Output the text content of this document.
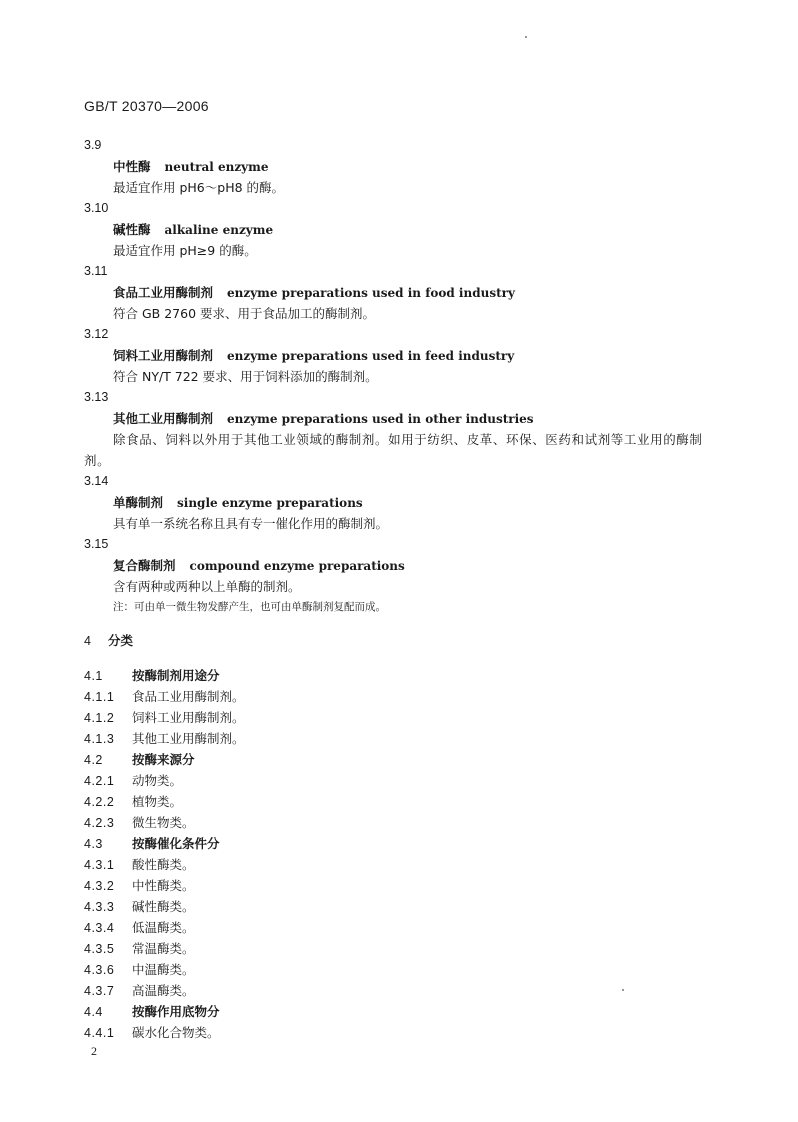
GB/T 20370—2006
3.9
中性酶 neutral enzyme
最适宜作用 pH6～pH8 的酶。
3.10
碱性酶 alkaline enzyme
最适宜作用 pH≥9 的酶。
3.11
食品工业用酶制剂 enzyme preparations used in food industry
符合 GB 2760 要求、用于食品加工的酶制剂。
3.12
饲料工业用酶制剂 enzyme preparations used in feed industry
符合 NY/T 722 要求、用于饲料添加的酶制剂。
3.13
其他工业用酶制剂 enzyme preparations used in other industries
除食品、饲料以外用于其他工业领域的酶制剂。如用于纺织、皮革、环保、医药和试剂等工业用的酶制剂。
3.14
单酶制剂 single enzyme preparations
具有单一系统名称且具有专一催化作用的酶制剂。
3.15
复合酶制剂 compound enzyme preparations
含有两种或两种以上单酶的制剂。
注：可由单一微生物发酵产生，也可由单酶制剂复配而成。
4 分类
4.1 按酶制剂用途分
4.1.1 食品工业用酶制剂。
4.1.2 饲料工业用酶制剂。
4.1.3 其他工业用酶制剂。
4.2 按酶来源分
4.2.1 动物类。
4.2.2 植物类。
4.2.3 微生物类。
4.3 按酶催化条件分
4.3.1 酸性酶类。
4.3.2 中性酶类。
4.3.3 碱性酶类。
4.3.4 低温酶类。
4.3.5 常温酶类。
4.3.6 中温酶类。
4.3.7 高温酶类。
4.4 按酶作用底物分
4.4.1 碳水化合物类。
2
